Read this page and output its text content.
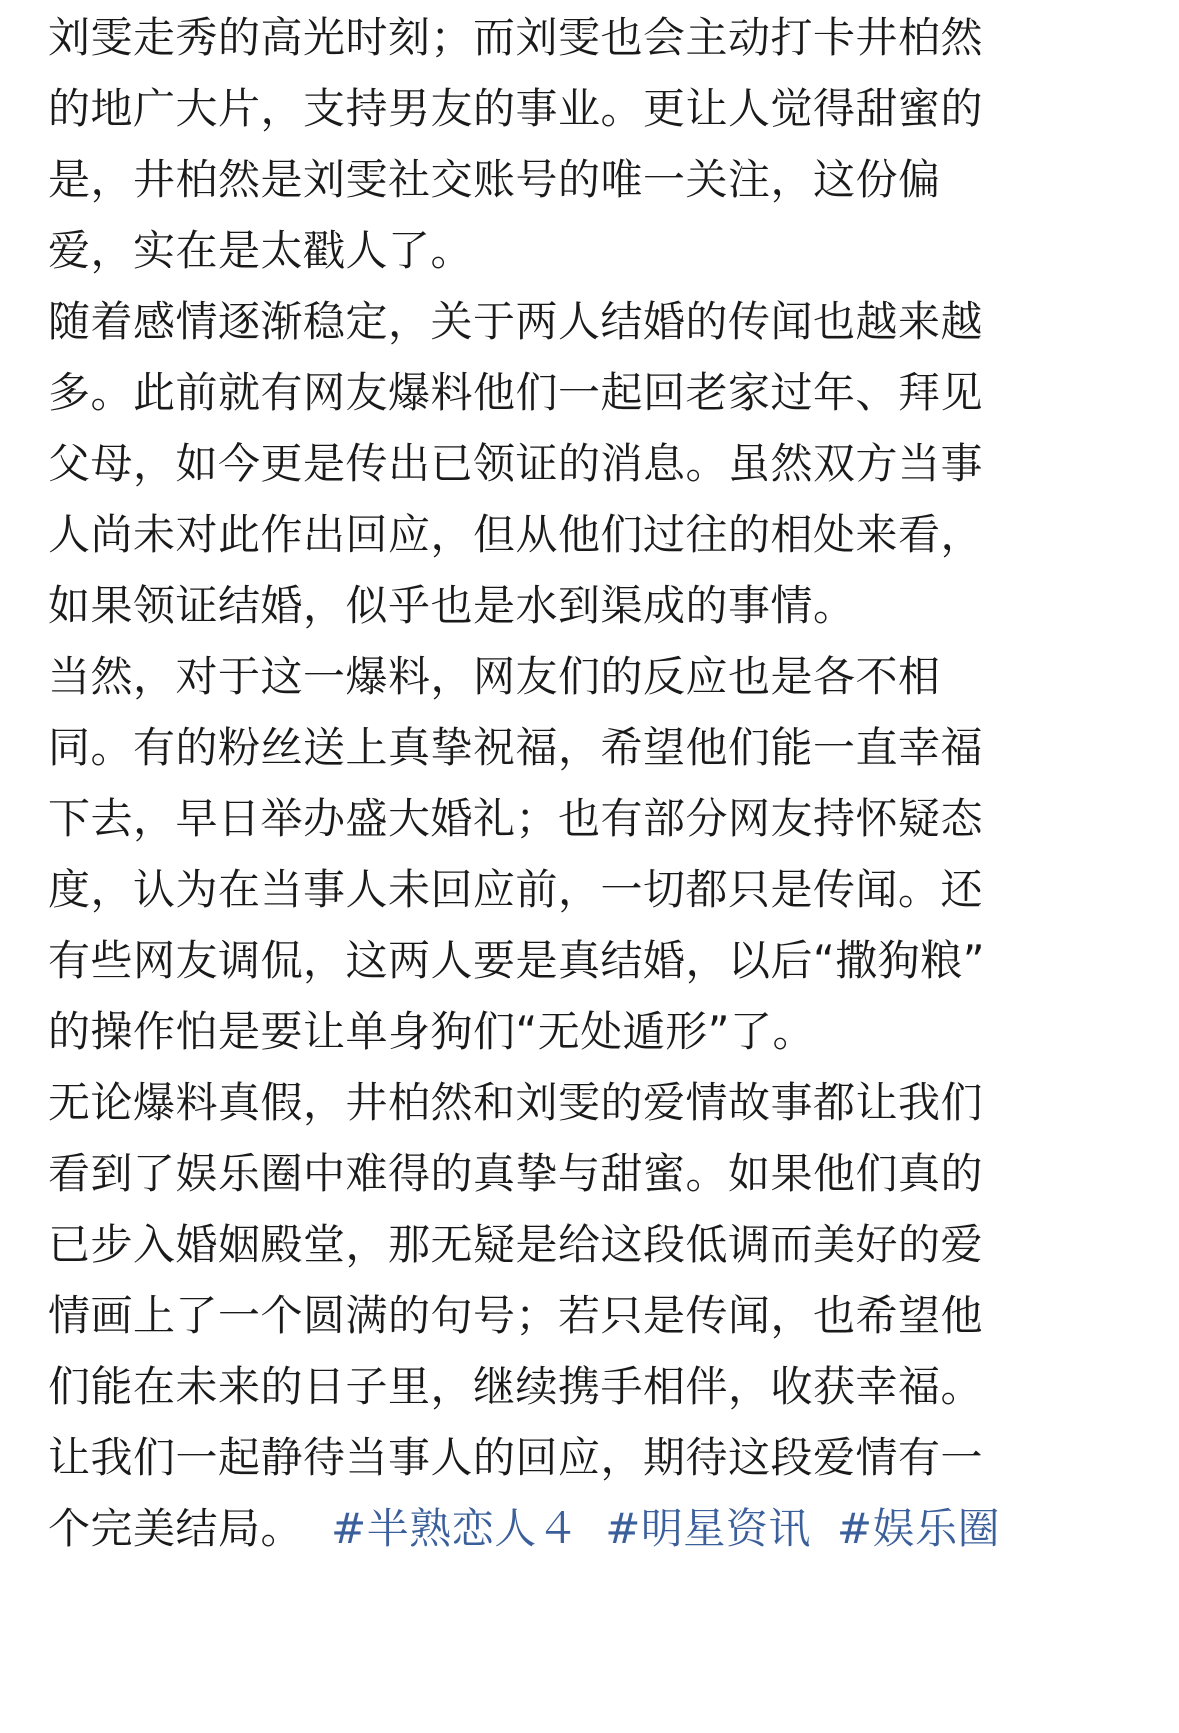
刘雯走秀的高光时刻；而刘雯也会主动打卡井柏然
的地广大片，支持男友的事业。更让人觉得甜蜜的
是，井柏然是刘雯社交账号的唯一关注，这份偏
爱，实在是太戳人了。
随着感情逐渐稳定，关于两人结婚的传闻也越来越
多。此前就有网友爆料他们一起回老家过年、拜见
父母，如今更是传出已领证的消息。虽然双方当事
人尚未对此作出回应，但从他们过往的相处来看，
如果领证结婚，似乎也是水到渠成的事情。
当然，对于这一爆料，网友们的反应也是各不相
同。有的粉丝送上真挚祝福，希望他们能一直幸福
下去，早日举办盛大婚礼；也有部分网友持怀疑态
度，认为在当事人未回应前，一切都只是传闻。还
有些网友调侃，这两人要是真结婚，以后“撒狗粮”
的操作怕是要让单身狗们“无处遁形”了。
无论爆料真假，井柏然和刘雯的爱情故事都让我们
看到了娱乐圈中难得的真挚与甜蜜。如果他们真的
已步入婚姻殿堂，那无疑是给这段低调而美好的爱
情画上了一个圆满的句号；若只是传闻，也希望他
们能在未来的日子里，继续携手相伴，收获幸福。
让我们一起静待当事人的回应，期待这段爱情有一
个完美结局。 #半熟恋人４ #明星资讯 #娱乐圈
